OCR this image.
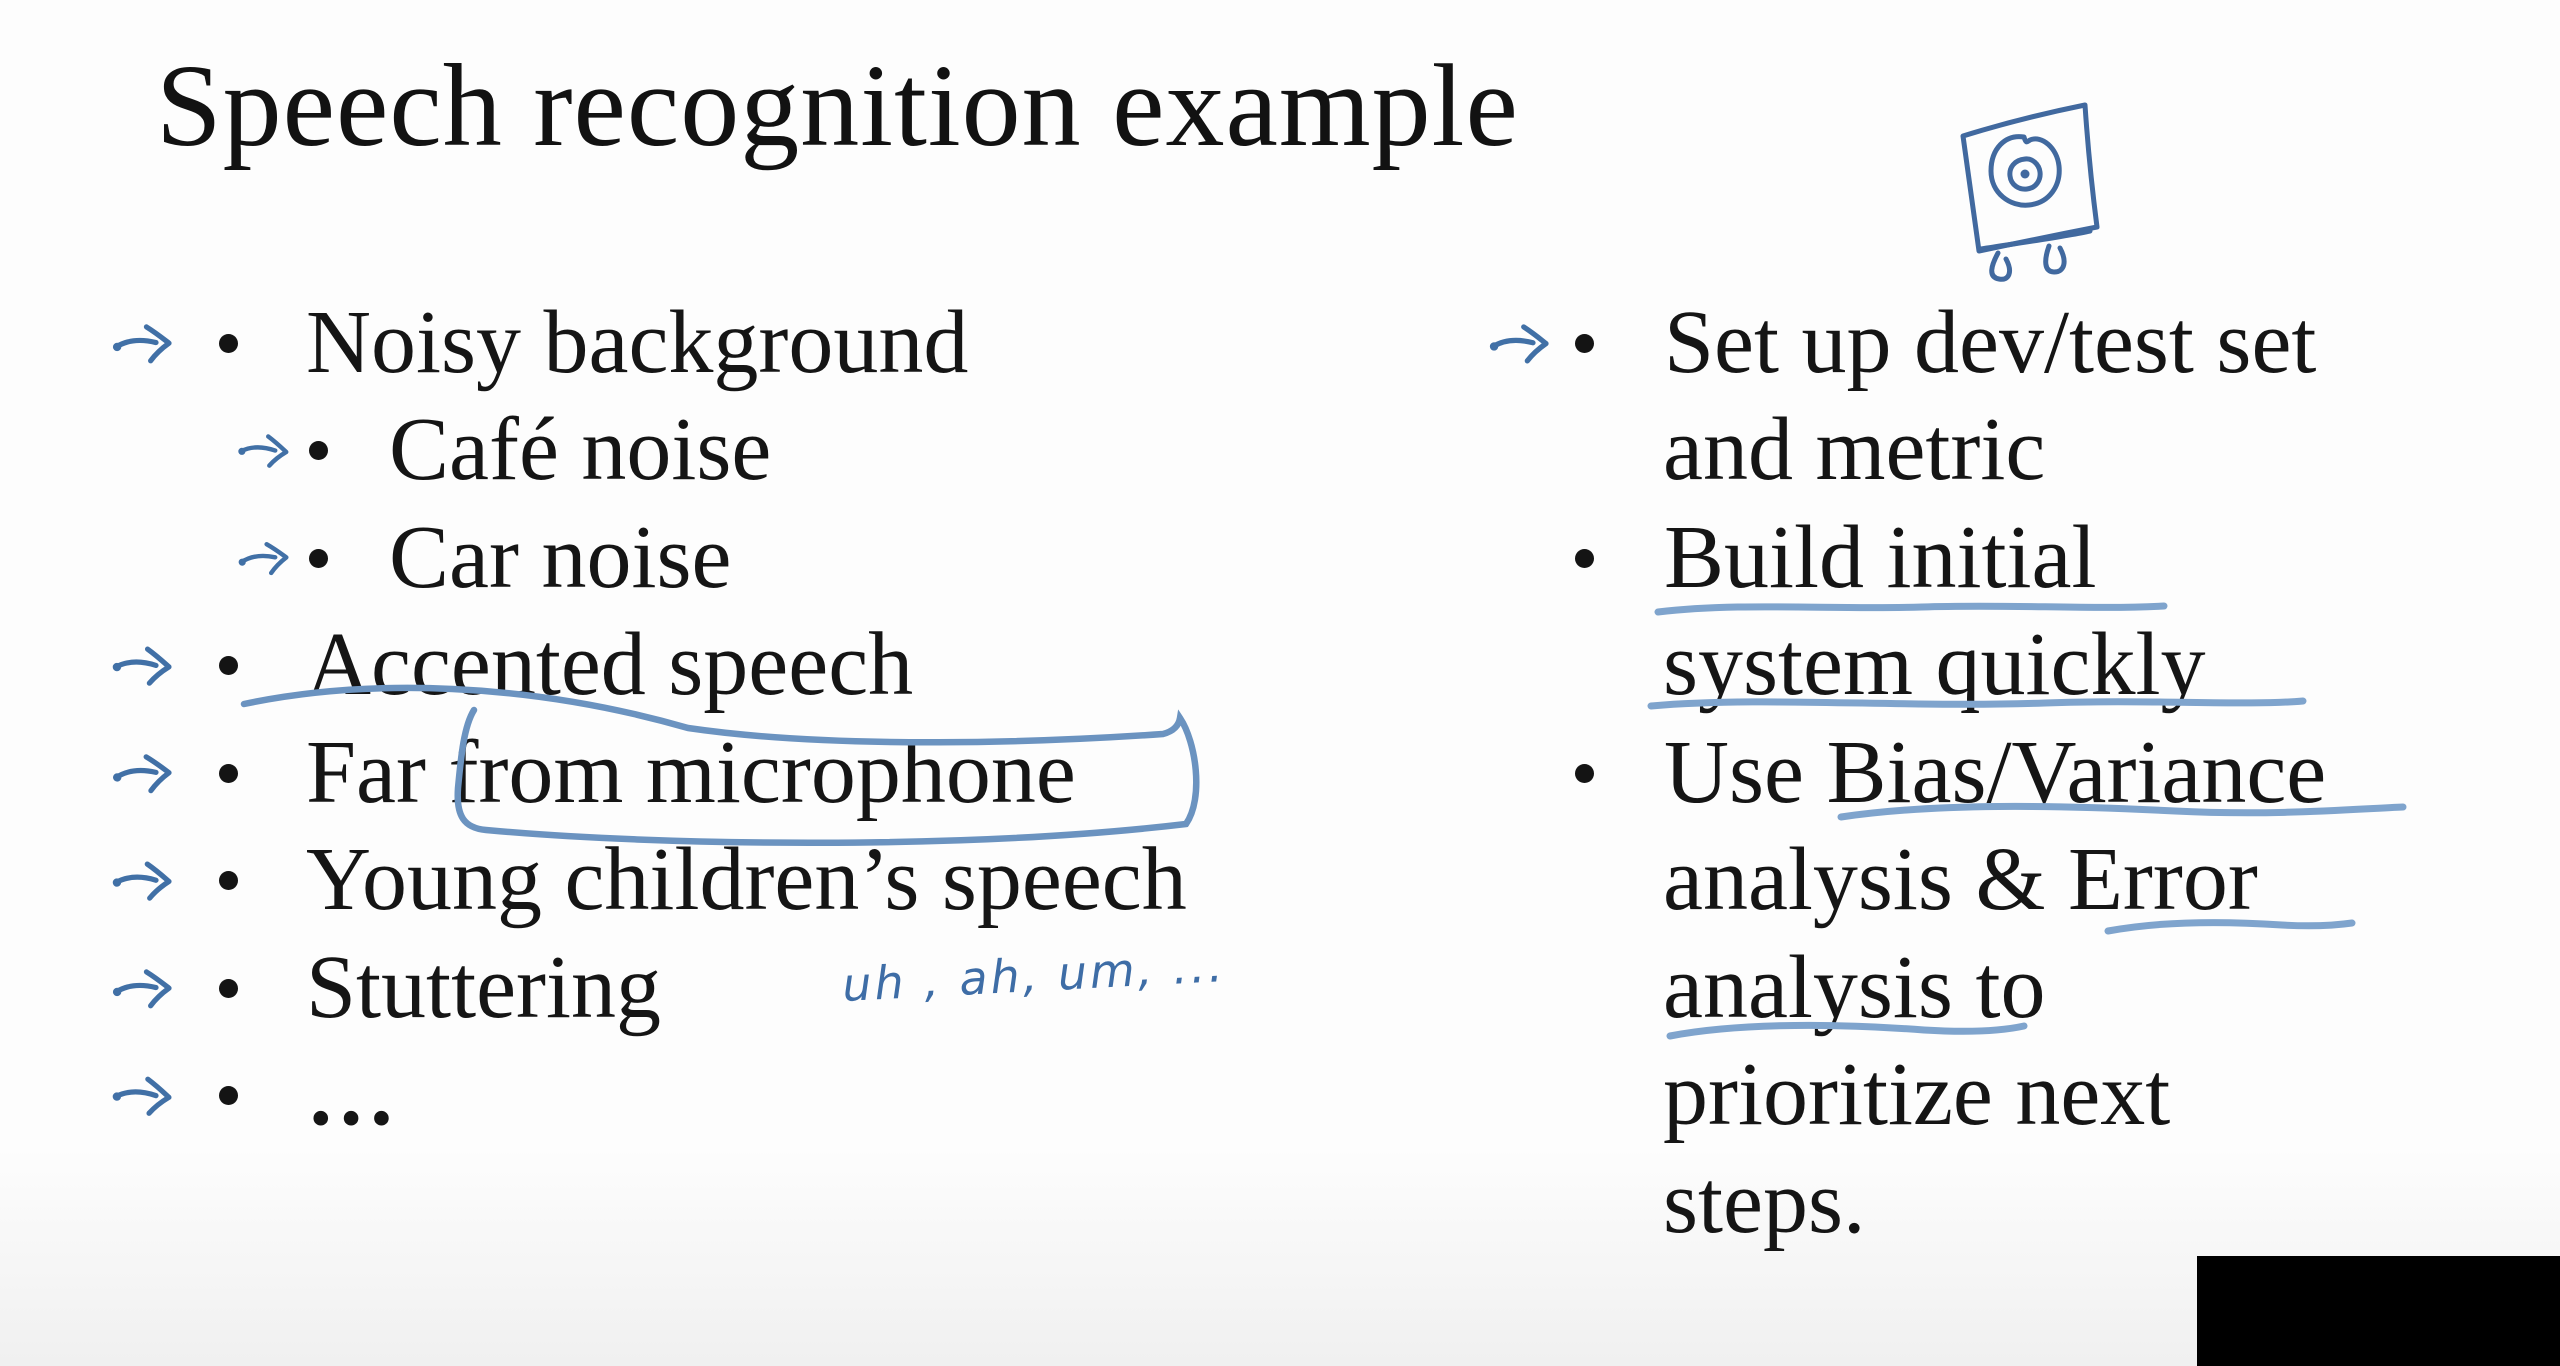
Speech recognition example
Noisy background
Café noise
Car noise
Accented speech
Far from microphone
Young children’s speech
Stuttering
…
uh , ah, um, ...
Set up dev/test set
and metric
Build initial
system quickly
Use Bias/Variance
analysis & Error
analysis to
prioritize next
steps.
